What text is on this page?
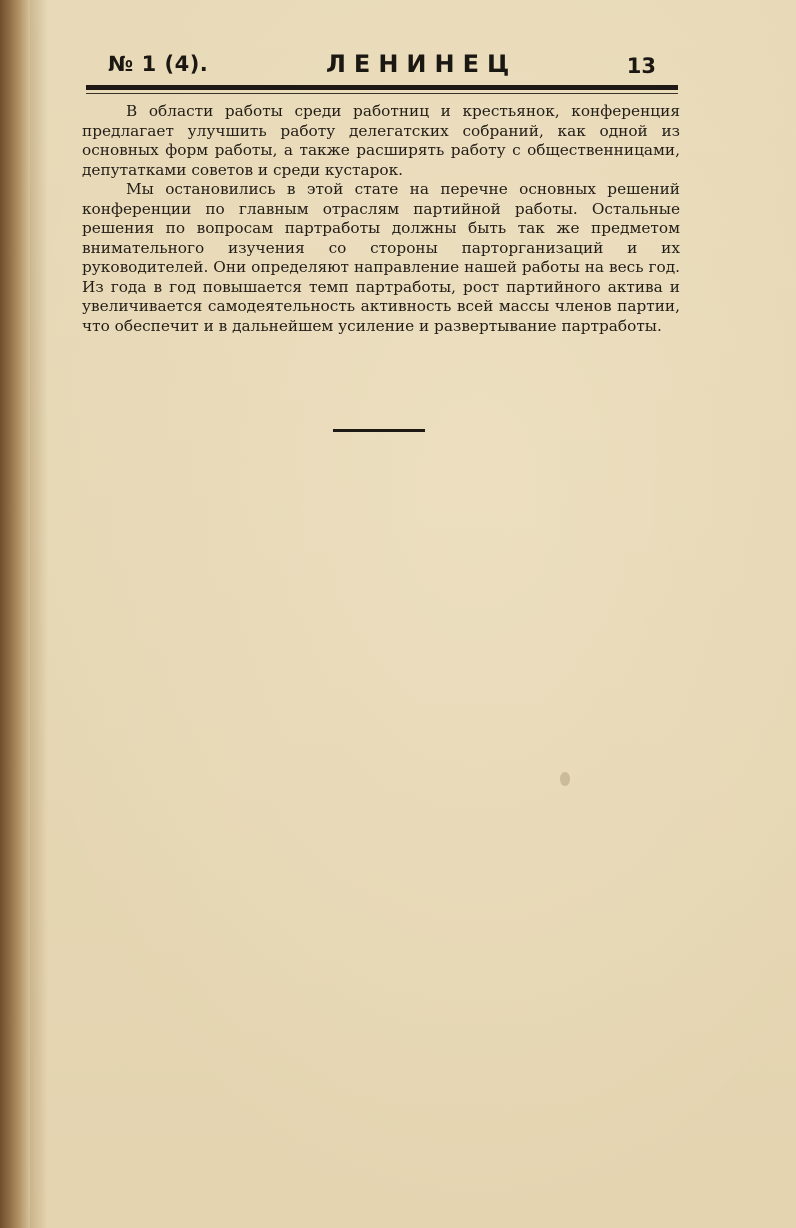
№ 1 (4).	ЛЕНИНЕЦ	13

В области работы среди работниц и крестьянок, конференция предлагает улучшить работу делегатских собраний, как одной из основных форм работы, а также расширять работу с общественницами, депутатками советов и среди кустарок.

Мы остановились в этой стате на перечне основных решений конференции по главным отраслям партийной работы. Остальные решения по вопросам партработы должны быть так же предметом внимательного изучения со стороны парторганизаций и их руководителей. Они определяют направление нашей работы на весь год. Из года в год повышается темп партработы, рост партийного актива и увеличивается самодеятельность активность всей массы членов партии, что обеспечит и в дальнейшем усиление и развертывание партработы.
